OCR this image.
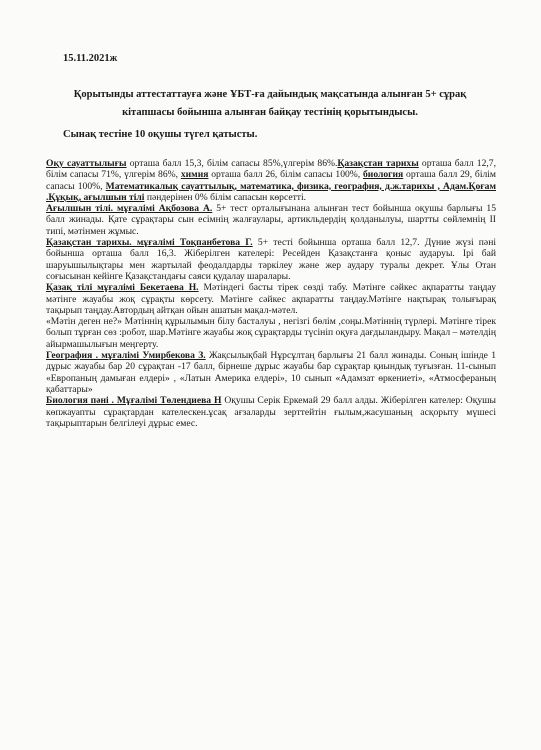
15.11.2021ж
Қорытынды аттестаттауға және ҰБТ-ға дайындық мақсатында алынған 5+ сұрақ
кітапшасы бойынша алынған байқау тестінің қорытындысы.
Сынақ тестіне 10 оқушы түгел қатысты.

Оқу сауаттылығы орташа балл 15,3, білім сапасы 85%,үлгерім 86%.Қазақстан тарихы орташа балл 12,7, білім сапасы 71%, үлгерім 86%, химия орташа балл 26, білім сапасы 100%, биология орташа балл 29, білім сапасы 100%, Математикалық сауаттылық, математика, физика, география, д.ж.тарихы , Адам.Қоғам .Құқық, ағылшын тілі пәндерінен 0% білім сапасын көрсетті.

Ағылшын тілі. мұғалімі Ақбозова А. 5+ тест орталығынана алынған тест бойынша оқушы барлығы 15 балл жинады. Қате сұрақтары сын есімнің жалғаулары, артикльдердің қолданылуы, шартты сөйлемнің II типі, мәтінмен жұмыс.

Қазақстан тарихы. мұғалімі Тоқпанбетова Г. 5+ тесті бойынша орташа балл 12,7. Дүние жүзі пәні бойынша орташа балл 16,3. Жіберілген кателері: Ресейден Қазақстанға қоныс аударуы. Ірі бай шаруышылықтары мен жартылай феодалдарды тәркілеу және жер аудару туралы декрет. Ұлы Отан соғысынан кейінге Қазақстандағы саяси қудалау шаралары.

Қазақ тілі мұғалімі Бекетаева Н. Мәтіндегі басты тірек сөзді табу. Мәтінге сәйкес ақпаратты таңдау мәтінге жауабы жоқ сұрақты көрсету. Мәтінге сәйкес ақпаратты таңдау.Мәтінге нақтырақ толығырақ тақырып таңдау.Автордың айтқан ойын ашатын мақал-мәтел.

«Мәтін деген не?» Мәтіннің құрылымын білу басталуы , негізгі бөлім ,соңы.Мәтіннің түрлері. Мәтінге тірек болып тұрған сөз :робот, шар.Мәтінге жауабы жоқ сұрақтарды түсініп оқуға дағдыландыру. Мақал – мәтелдің айырмашылығын меңгерту.

География . мұғалімі Умирбекова З. Жақсылықбай Нұрсұлтаң барлығы 21 балл жинады. Соның ішінде 1 дұрыс жауабы бар 20 сұрақтан -17 балл, бірнеше дұрыс жауабы бар сұрақтар қиындық туғызған. 11-сынып «Европаның дамыған елдері» , «Латын Америка елдері», 10 сынып «Адамзат өркениеті», «Атмосфераның қабаттары»

Биология пәні . Мұғалімі Төлендиева Н Оқушы Серік Еркемай 29 балл алды. Жіберілген кателер: Оқушы көпжауапты сұрақтардан кателескен.ұсақ ағзаларды зерттейтін ғылым,жасушаның асқорыту мүшесі тақырыптарын белгілеуі дұрыс емес.
